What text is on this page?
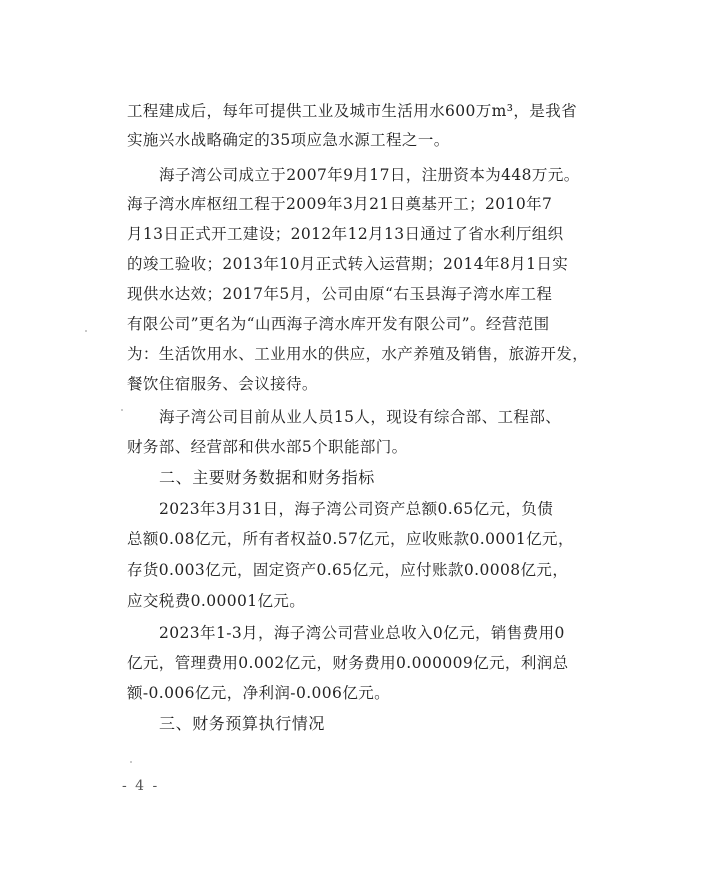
工程建成后，每年可提供工业及城市生活用水600万m³，是我省
实施兴水战略确定的35项应急水源工程之一。
海子湾公司成立于2007年9月17日，注册资本为448万元。
海子湾水库枢纽工程于2009年3月21日奠基开工；2010年7
月13日正式开工建设；2012年12月13日通过了省水利厅组织
的竣工验收；2013年10月正式转入运营期；2014年8月1日实
现供水达效；2017年5月，公司由原“右玉县海子湾水库工程
有限公司”更名为“山西海子湾水库开发有限公司”。经营范围
为：生活饮用水、工业用水的供应，水产养殖及销售，旅游开发，
餐饮住宿服务、会议接待。
海子湾公司目前从业人员15人，现设有综合部、工程部、
财务部、经营部和供水部5个职能部门。
二、主要财务数据和财务指标
2023年3月31日，海子湾公司资产总额0.65亿元，负债
总额0.08亿元，所有者权益0.57亿元，应收账款0.0001亿元，
存货0.003亿元，固定资产0.65亿元，应付账款0.0008亿元，
应交税费0.00001亿元。
2023年1-3月，海子湾公司营业总收入0亿元，销售费用0
亿元，管理费用0.002亿元，财务费用0.000009亿元，利润总
额-0.006亿元，净利润-0.006亿元。
三、财务预算执行情况
- 4 -
